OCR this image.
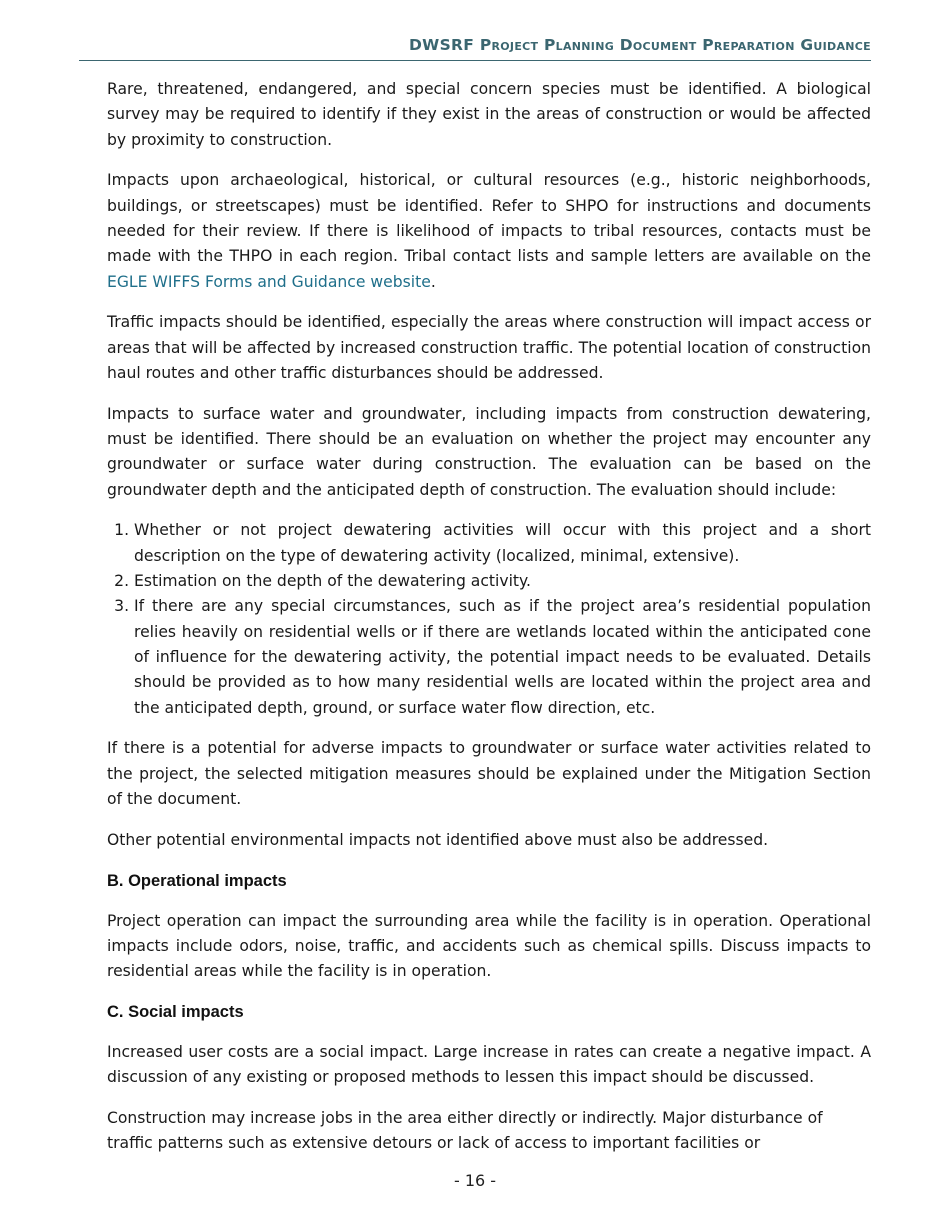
DWSRF Project Planning Document Preparation Guidance

Rare, threatened, endangered, and special concern species must be identified. A biological survey may be required to identify if they exist in the areas of construction or would be affected by proximity to construction.

Impacts upon archaeological, historical, or cultural resources (e.g., historic neighborhoods, buildings, or streetscapes) must be identified. Refer to SHPO for instructions and documents needed for their review. If there is likelihood of impacts to tribal resources, contacts must be made with the THPO in each region. Tribal contact lists and sample letters are available on the EGLE WIFFS Forms and Guidance website.

Traffic impacts should be identified, especially the areas where construction will impact access or areas that will be affected by increased construction traffic. The potential location of construction haul routes and other traffic disturbances should be addressed.

Impacts to surface water and groundwater, including impacts from construction dewatering, must be identified. There should be an evaluation on whether the project may encounter any groundwater or surface water during construction. The evaluation can be based on the groundwater depth and the anticipated depth of construction. The evaluation should include:

1. Whether or not project dewatering activities will occur with this project and a short description on the type of dewatering activity (localized, minimal, extensive).
2. Estimation on the depth of the dewatering activity.
3. If there are any special circumstances, such as if the project area’s residential population relies heavily on residential wells or if there are wetlands located within the anticipated cone of influence for the dewatering activity, the potential impact needs to be evaluated. Details should be provided as to how many residential wells are located within the project area and the anticipated depth, ground, or surface water flow direction, etc.

If there is a potential for adverse impacts to groundwater or surface water activities related to the project, the selected mitigation measures should be explained under the Mitigation Section of the document.

Other potential environmental impacts not identified above must also be addressed.

B. Operational impacts

Project operation can impact the surrounding area while the facility is in operation. Operational impacts include odors, noise, traffic, and accidents such as chemical spills. Discuss impacts to residential areas while the facility is in operation.

C. Social impacts

Increased user costs are a social impact. Large increase in rates can create a negative impact. A discussion of any existing or proposed methods to lessen this impact should be discussed.

Construction may increase jobs in the area either directly or indirectly. Major disturbance of traffic patterns such as extensive detours or lack of access to important facilities or

- 16 -
